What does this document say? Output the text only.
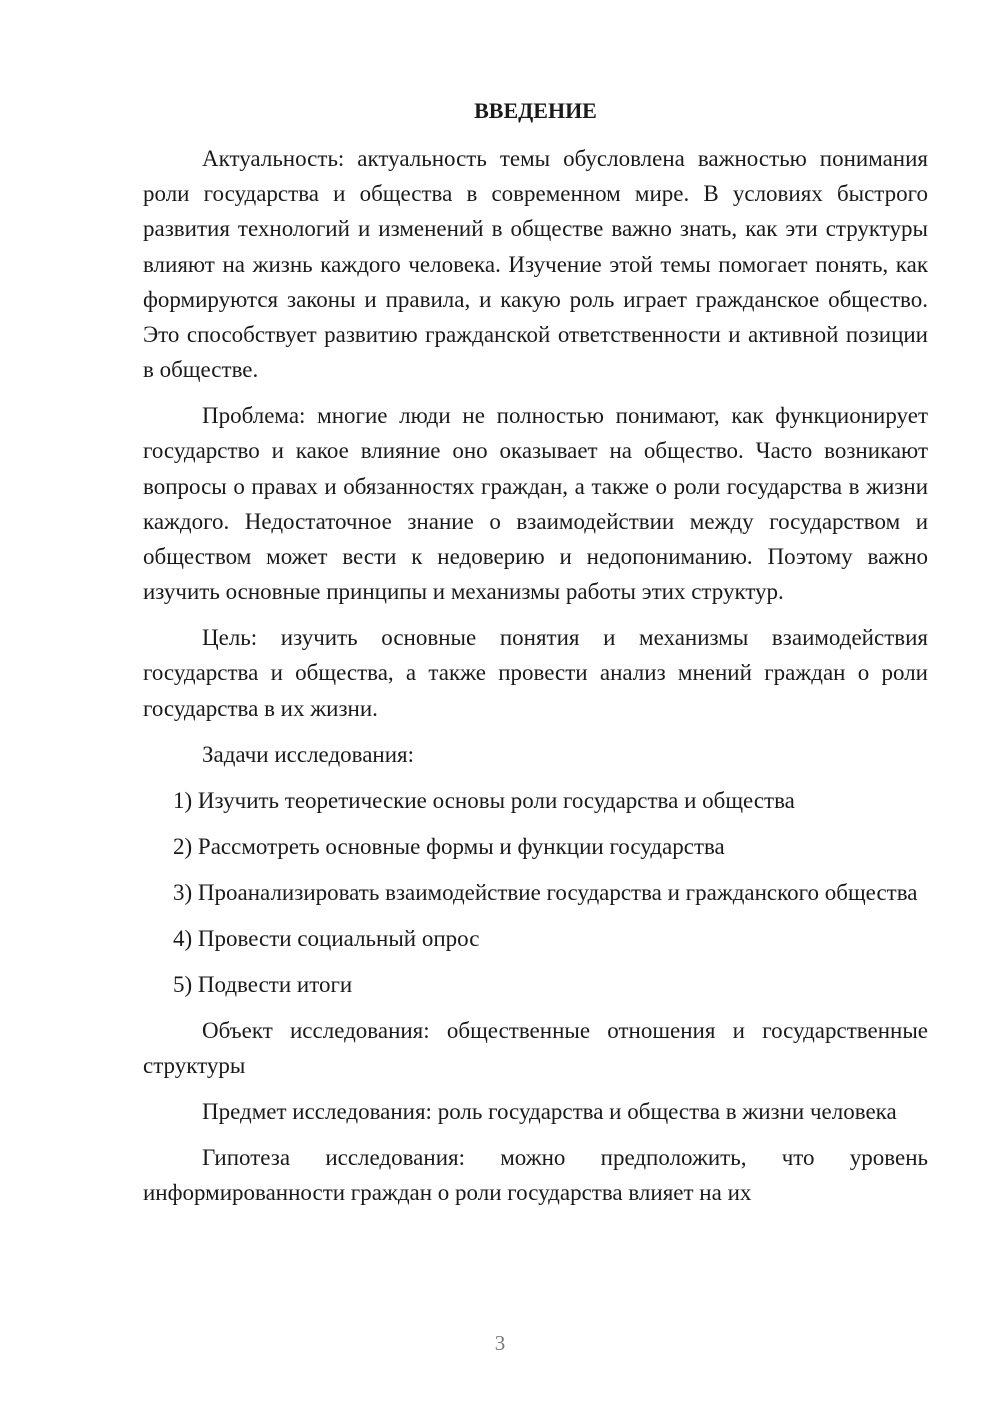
ВВЕДЕНИЕ
Актуальность: актуальность темы обусловлена важностью понимания роли государства и общества в современном мире. В условиях быстрого развития технологий и изменений в обществе важно знать, как эти структуры влияют на жизнь каждого человека. Изучение этой темы помогает понять, как формируются законы и правила, и какую роль играет гражданское общество. Это способствует развитию гражданской ответственности и активной позиции в обществе.
Проблема: многие люди не полностью понимают, как функционирует государство и какое влияние оно оказывает на общество. Часто возникают вопросы о правах и обязанностях граждан, а также о роли государства в жизни каждого. Недостаточное знание о взаимодействии между государством и обществом может вести к недоверию и недопониманию. Поэтому важно изучить основные принципы и механизмы работы этих структур.
Цель: изучить основные понятия и механизмы взаимодействия государства и общества, а также провести анализ мнений граждан о роли государства в их жизни.
Задачи исследования:
1) Изучить теоретические основы роли государства и общества
2) Рассмотреть основные формы и функции государства
3) Проанализировать взаимодействие государства и гражданского общества
4) Провести социальный опрос
5) Подвести итоги
Объект исследования: общественные отношения и государственные структуры
Предмет исследования: роль государства и общества в жизни человека
Гипотеза исследования: можно предположить, что уровень информированности граждан о роли государства влияет на их
3
